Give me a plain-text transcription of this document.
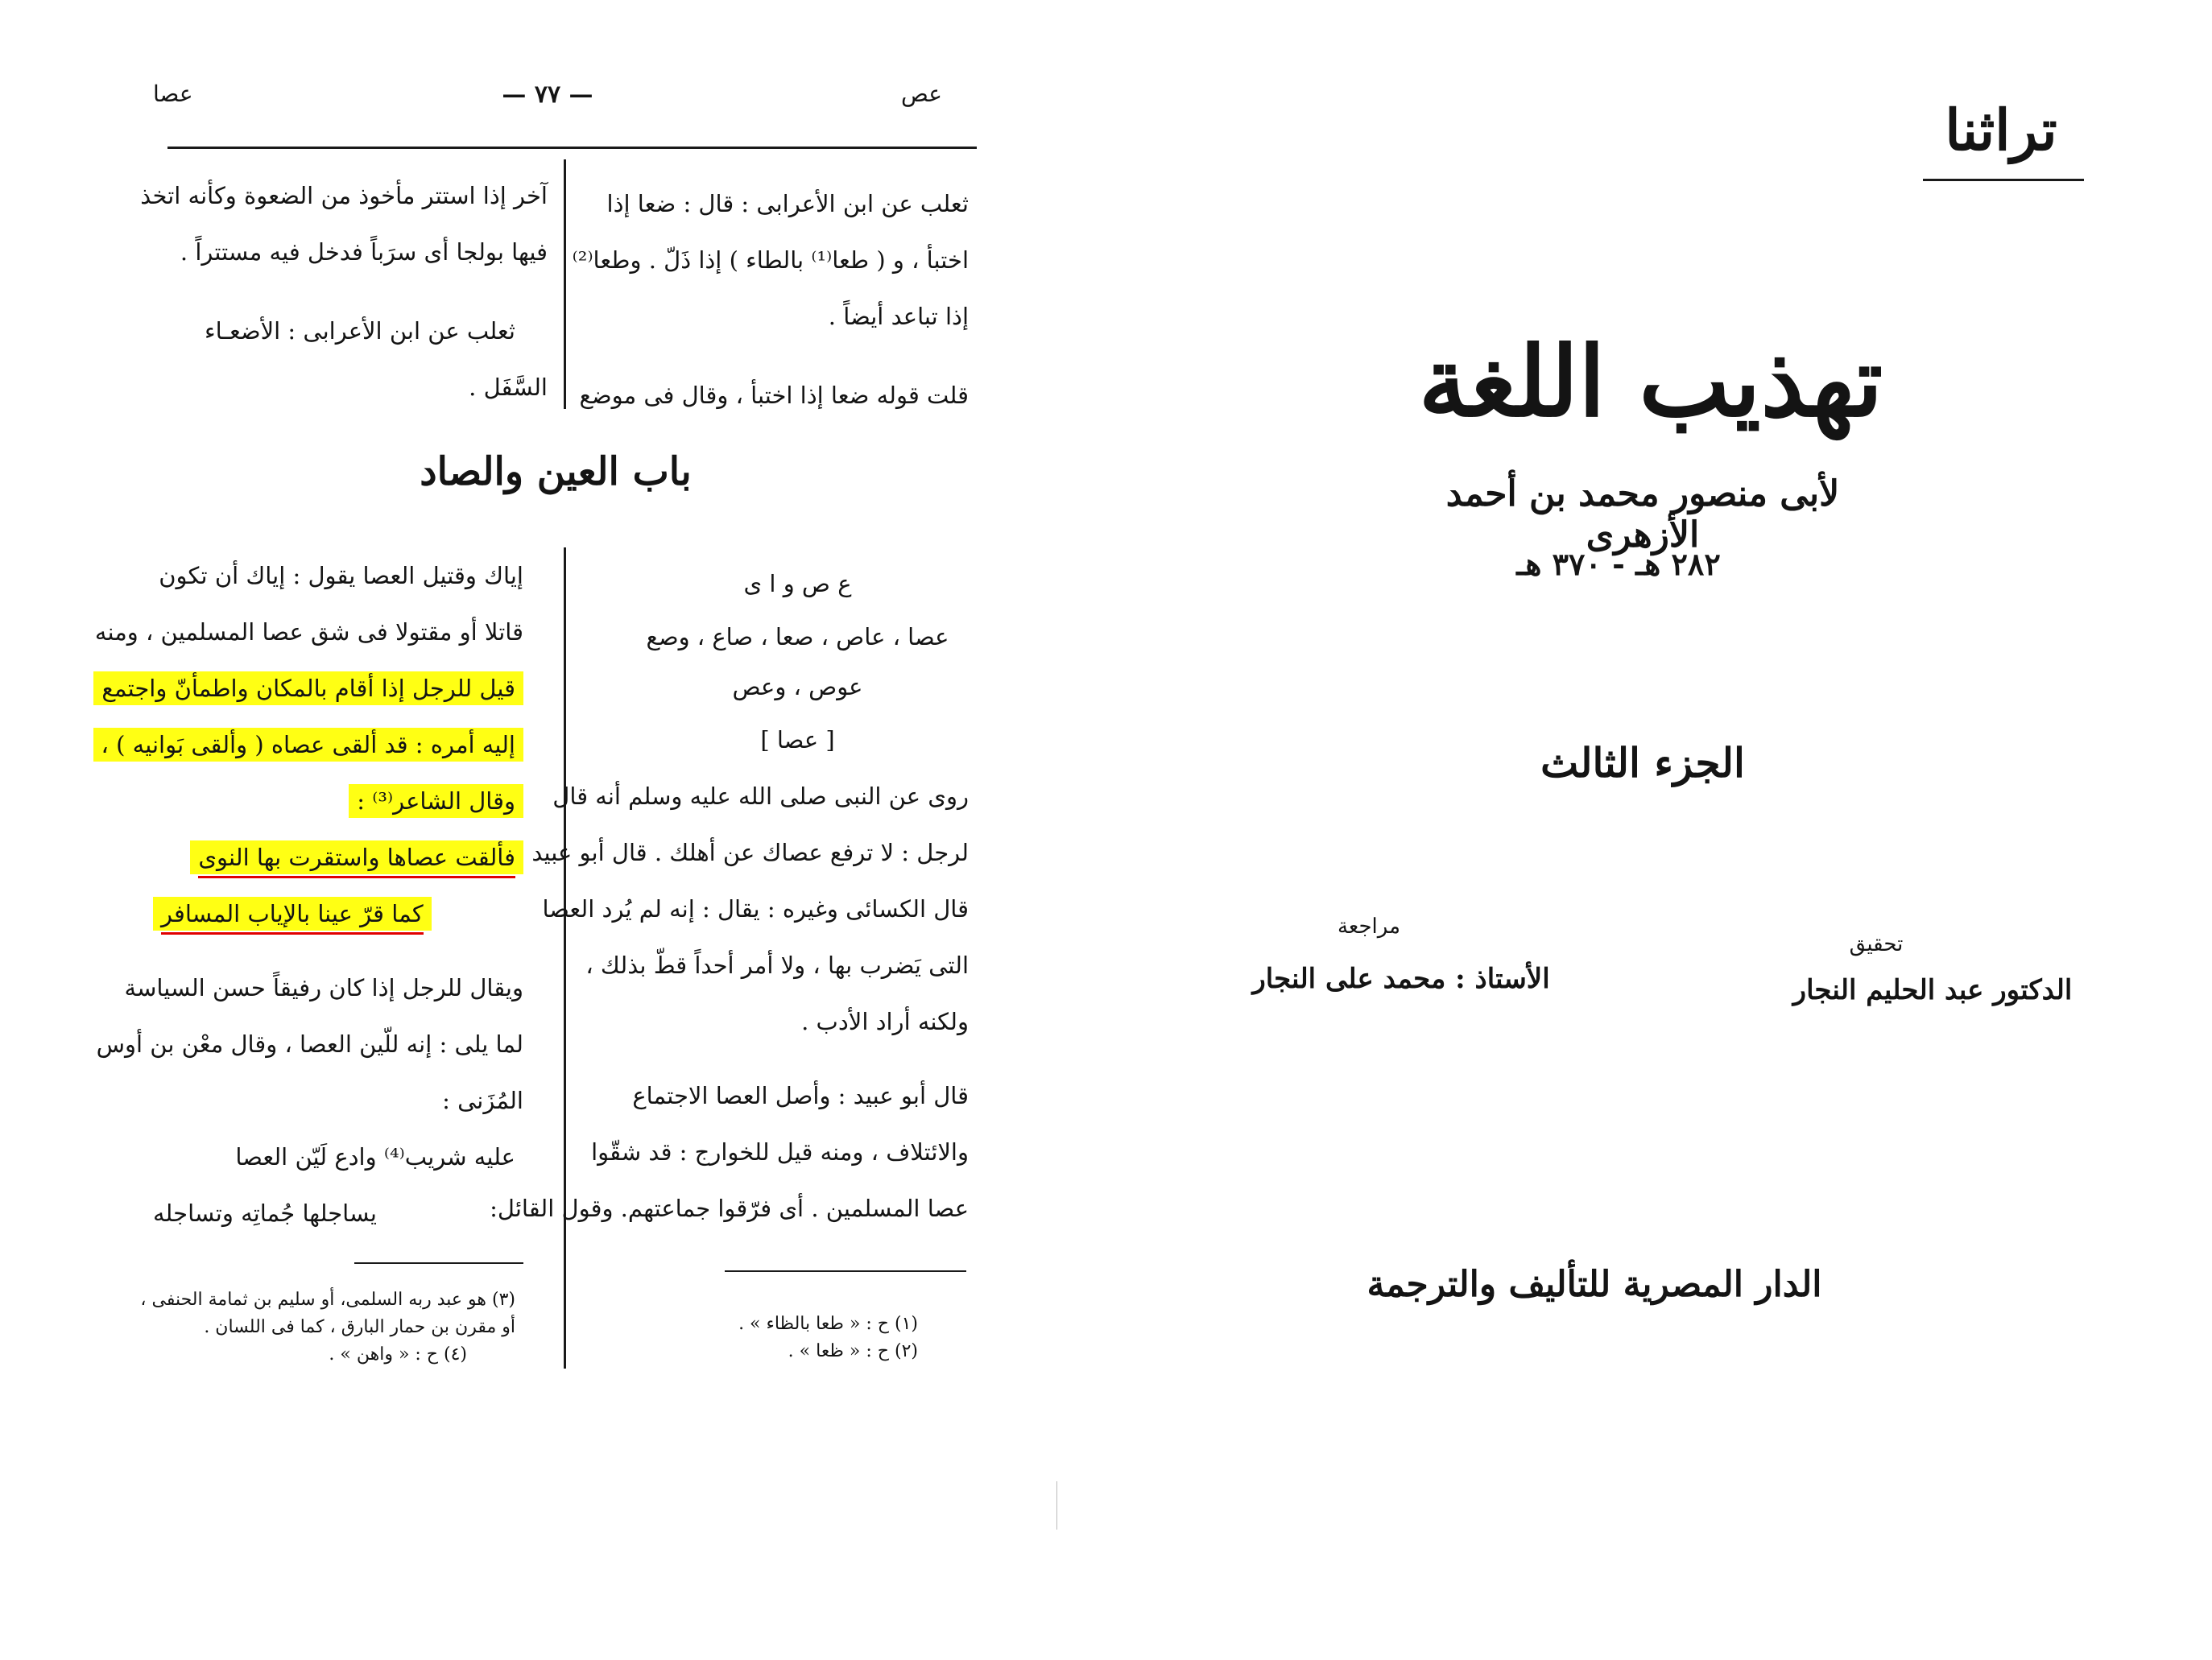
عص
— ٧٧ —
عصا
ثعلب عن ابن الأعرابى : قال : ضعا إذا
اختبأ ، و ( طعا⁽¹⁾ بالطاء ) إذا ذَلّ . وطعا⁽²⁾
إذا تباعد أيضاً .
قلت قوله ضعا إذا اختبأ ، وقال فى موضع
آخر إذا استتر مأخوذ من الضعوة وكأنه اتخذ
فيها بولجا أى سرَباً فدخل فيه مستتراً .
ثعلب عن ابن الأعرابى : الأضعـاء
السَّفَل .
باب العين والصاد
ع ص و ا ى
عصا ، عاص ، صعا ، صاع ، وصع
عوص ، وعص
[ عصا ]
روى عن النبى صلى الله عليه وسلم أنه قال
لرجل : لا ترفع عصاك عن أهلك . قال أبو عبيد
قال الكسائى وغيره : يقال : إنه لم يُرد العصا
التى يَضرب بها ، ولا أمر أحداً قطّ بذلك ،
ولكنه أراد الأدب .
قال أبو عبيد : وأصل العصا الاجتماع
والائتلاف ، ومنه قيل للخوارج : قد شقّوا
عصا المسلمين . أى فرّقوا جماعتهم. وقول القائل:
(١) ح : « طعا بالظاء » .
(٢) ح : « ظعا » .
إياك وقتيل العصا يقول : إياك أن تكون
قاتلا أو مقتولا فى شق عصا المسلمين ، ومنه
قيل للرجل إذا أقام بالمكان واطمأنّ واجتمع
إليه أمره : قد ألقى عصاه ( وألقى بَوانيه ) ،
وقال الشاعر⁽³⁾ :
فألقت عصاها واستقرت بها النوى
كما قرّ عينا بالإياب المسافر
ويقال للرجل إذا كان رفيقاً حسن السياسة
لما يلى : إنه للّين العصا ، وقال معْن بن أوس
المُزَنى :
عليه شريب⁽⁴⁾ وادع لَيّن العصا
يساجلها جُماتِه وتساجله
(٣) هو عبد ربه السلمى، أو سليم بن ثمامة الحنفى ،
أو مقرن بن حمار البارق ، كما فى اللسان .
(٤) ح : « واهن » .
تراثنا
تهذيب اللغة
لأبى منصور محمد بن أحمد الأزهرى
٢٨٢ هـ - ٣٧٠ هـ
الجزء الثالث
مراجعة
الأستاذ : محمد على النجار
تحقيق
الدكتور عبد الحليم النجار
الدار المصرية للتأليف والترجمة
